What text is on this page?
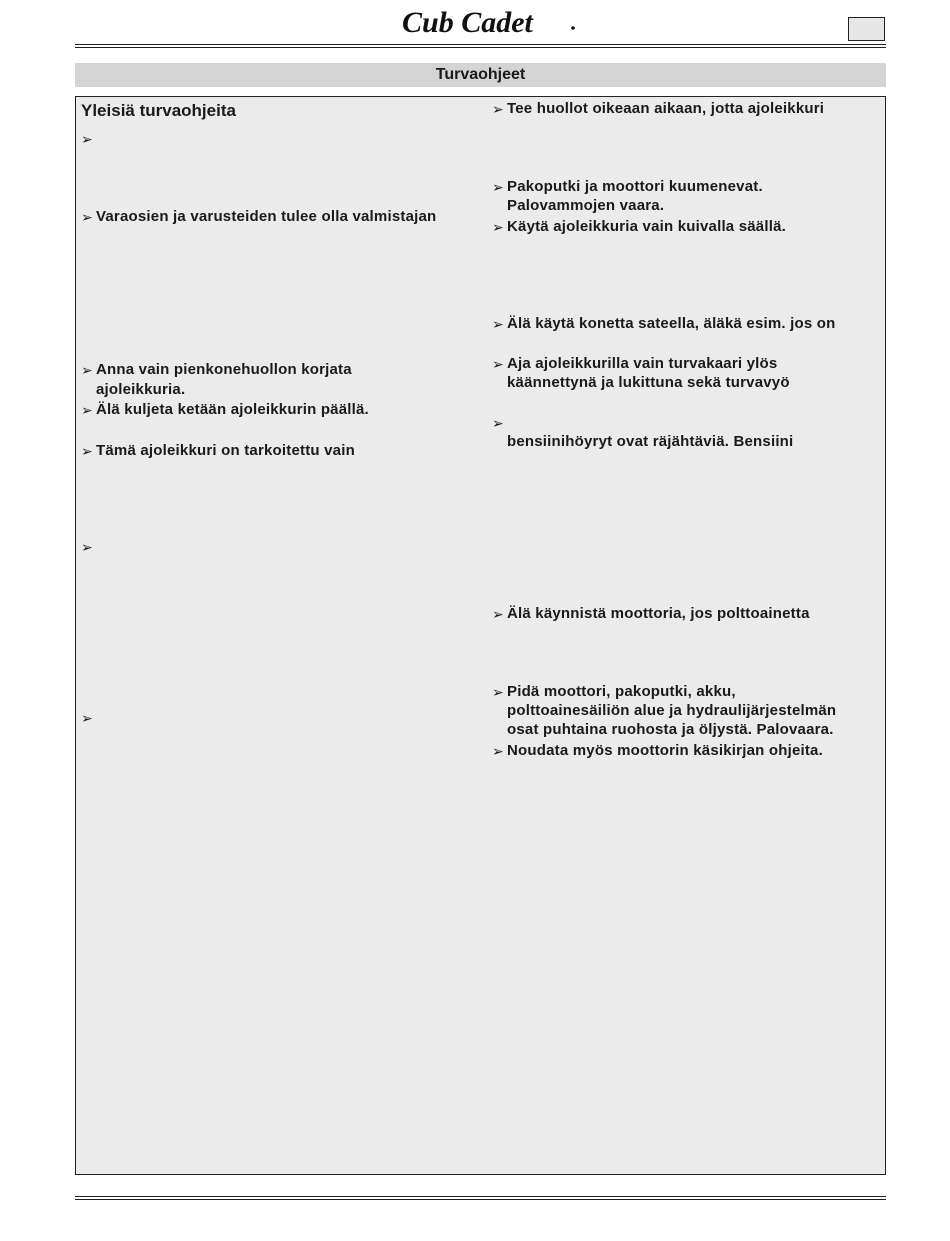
Cub Cadet
Turvaohjeet
Yleisiä turvaohjeita
➢
➢ Varaosien ja varusteiden tulee olla valmistajan
➢ Anna vain pienkonehuollon korjata
ajoleikkuria.
➢ Älä kuljeta ketään ajoleikkurin päällä.
➢ Tämä ajoleikkuri on tarkoitettu vain
➢
➢
➢ Tee huollot oikeaan aikaan, jotta ajoleikkuri
➢ Pakoputki ja moottori kuumenevat.
Palovammojen vaara.
➢ Käytä ajoleikkuria vain kuivalla säällä.
➢ Älä käytä konetta sateella, äläkä esim. jos on
➢ Aja ajoleikkurilla vain turvakaari ylös
käännettynä ja lukittuna sekä turvavyö
➢
bensiinihöyryt ovat räjähtäviä. Bensiini
➢ Älä käynnistä moottoria, jos polttoainetta
➢ Pidä moottori, pakoputki, akku,
polttoainesäiliön alue ja hydraulijärjestelmän
osat puhtaina ruohosta ja öljystä. Palovaara.
➢ Noudata myös moottorin käsikirjan ohjeita.
